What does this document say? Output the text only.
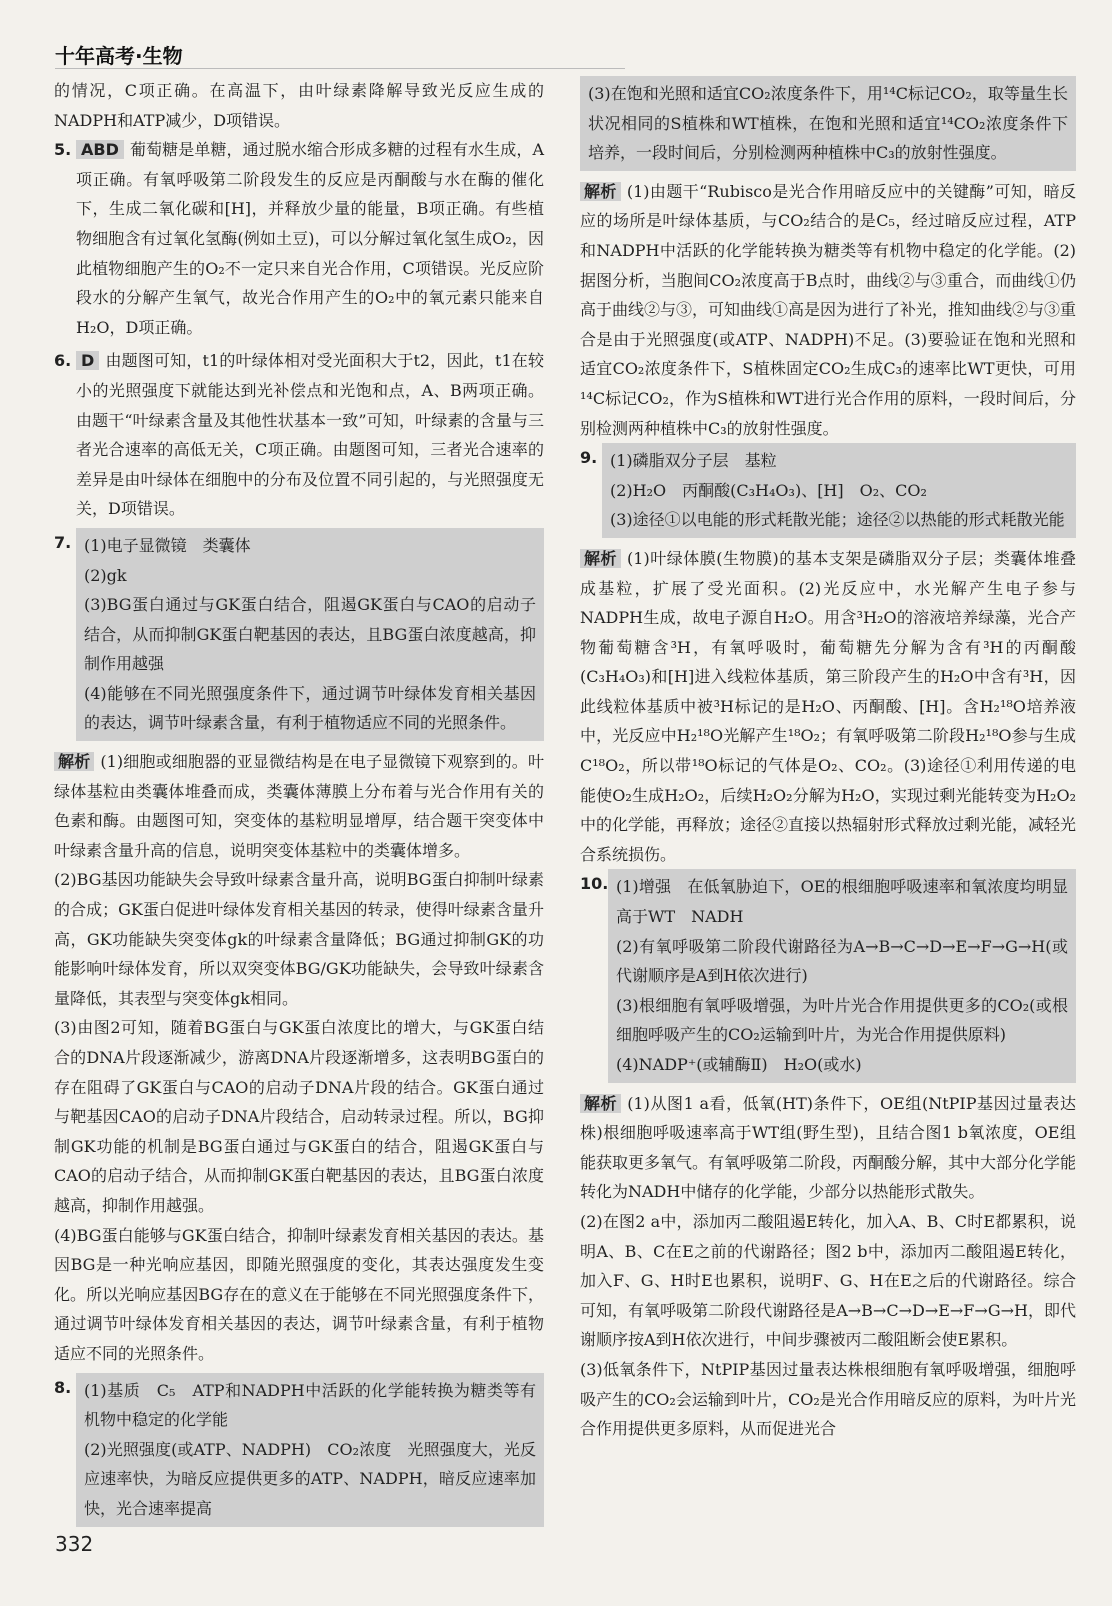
十年高考·生物

的情况，C项正确。在高温下，由叶绿素降解导致光反应生成的NADPH和ATP减少，D项错误。

5. ABD 葡萄糖是单糖，通过脱水缩合形成多糖的过程有水生成，A项正确。有氧呼吸第二阶段发生的反应是丙酮酸与水在酶的催化下，生成二氧化碳和[H]，并释放少量的能量，B项正确。有些植物细胞含有过氧化氢酶(例如土豆)，可以分解过氧化氢生成O₂，因此植物细胞产生的O₂不一定只来自光合作用，C项错误。光反应阶段水的分解产生氧气，故光合作用产生的O₂中的氧元素只能来自H₂O，D项正确。
6. D 由题图可知，t1的叶绿体相对受光面积大于t2，因此，t1在较小的光照强度下就能达到光补偿点和光饱和点，A、B两项正确。由题干“叶绿素含量及其他性状基本一致”可知，叶绿素的含量与三者光合速率的高低无关，C项正确。由题图可知，三者光合速率的差异是由叶绿体在细胞中的分布及位置不同引起的，与光照强度无关，D项错误。
7. (1)电子显微镜　类囊体

(2)gk

(3)BG蛋白通过与GK蛋白结合，阻遏GK蛋白与CAO的启动子结合，从而抑制GK蛋白靶基因的表达，且BG蛋白浓度越高，抑制作用越强

(4)能够在不同光照强度条件下，通过调节叶绿体发育相关基因的表达，调节叶绿素含量，有利于植物适应不同的光照条件。

解析 (1)细胞或细胞器的亚显微结构是在电子显微镜下观察到的。叶绿体基粒由类囊体堆叠而成，类囊体薄膜上分布着与光合作用有关的色素和酶。由题图可知，突变体的基粒明显增厚，结合题干突变体中叶绿素含量升高的信息，说明突变体基粒中的类囊体增多。

(2)BG基因功能缺失会导致叶绿素含量升高，说明BG蛋白抑制叶绿素的合成；GK蛋白促进叶绿体发育相关基因的转录，使得叶绿素含量升高，GK功能缺失突变体gk的叶绿素含量降低；BG通过抑制GK的功能影响叶绿体发育，所以双突变体BG/GK功能缺失，会导致叶绿素含量降低，其表型与突变体gk相同。

(3)由图2可知，随着BG蛋白与GK蛋白浓度比的增大，与GK蛋白结合的DNA片段逐渐减少，游离DNA片段逐渐增多，这表明BG蛋白的存在阻碍了GK蛋白与CAO的启动子DNA片段的结合。GK蛋白通过与靶基因CAO的启动子DNA片段结合，启动转录过程。所以，BG抑制GK功能的机制是BG蛋白通过与GK蛋白的结合，阻遏GK蛋白与CAO的启动子结合，从而抑制GK蛋白靶基因的表达，且BG蛋白浓度越高，抑制作用越强。

(4)BG蛋白能够与GK蛋白结合，抑制叶绿素发育相关基因的表达。基因BG是一种光响应基因，即随光照强度的变化，其表达强度发生变化。所以光响应基因BG存在的意义在于能够在不同光照强度条件下，通过调节叶绿体发育相关基因的表达，调节叶绿素含量，有利于植物适应不同的光照条件。

8. (1)基质　C₅　ATP和NADPH中活跃的化学能转换为糖类等有机物中稳定的化学能

(2)光照强度(或ATP、NADPH)　CO₂浓度　光照强度大，光反应速率快，为暗反应提供更多的ATP、NADPH，暗反应速率加快，光合速率提高

(3)在饱和光照和适宜CO₂浓度条件下，用¹⁴C标记CO₂，取等量生长状况相同的S植株和WT植株，在饱和光照和适宜¹⁴CO₂浓度条件下培养，一段时间后，分别检测两种植株中C₃的放射性强度。

解析 (1)由题干“Rubisco是光合作用暗反应中的关键酶”可知，暗反应的场所是叶绿体基质，与CO₂结合的是C₅，经过暗反应过程，ATP和NADPH中活跃的化学能转换为糖类等有机物中稳定的化学能。(2)据图分析，当胞间CO₂浓度高于B点时，曲线②与③重合，而曲线①仍高于曲线②与③，可知曲线①高是因为进行了补光，推知曲线②与③重合是由于光照强度(或ATP、NADPH)不足。(3)要验证在饱和光照和适宜CO₂浓度条件下，S植株固定CO₂生成C₃的速率比WT更快，可用¹⁴C标记CO₂，作为S植株和WT进行光合作用的原料，一段时间后，分别检测两种植株中C₃的放射性强度。

9. (1)磷脂双分子层　基粒

(2)H₂O　丙酮酸(C₃H₄O₃)、[H]　O₂、CO₂

(3)途径①以电能的形式耗散光能；途径②以热能的形式耗散光能

解析 (1)叶绿体膜(生物膜)的基本支架是磷脂双分子层；类囊体堆叠成基粒，扩展了受光面积。(2)光反应中，水光解产生电子参与NADPH生成，故电子源自H₂O。用含³H₂O的溶液培养绿藻，光合产物葡萄糖含³H，有氧呼吸时，葡萄糖先分解为含有³H的丙酮酸(C₃H₄O₃)和[H]进入线粒体基质，第三阶段产生的H₂O中含有³H，因此线粒体基质中被³H标记的是H₂O、丙酮酸、[H]。含H₂¹⁸O培养液中，光反应中H₂¹⁸O光解产生¹⁸O₂；有氧呼吸第二阶段H₂¹⁸O参与生成C¹⁸O₂，所以带¹⁸O标记的气体是O₂、CO₂。(3)途径①利用传递的电能使O₂生成H₂O₂，后续H₂O₂分解为H₂O，实现过剩光能转变为H₂O₂中的化学能，再释放；途径②直接以热辐射形式释放过剩光能，减轻光合系统损伤。

10. (1)增强　在低氧胁迫下，OE的根细胞呼吸速率和氧浓度均明显高于WT　NADH

(2)有氧呼吸第二阶段代谢路径为A→B→C→D→E→F→G→H(或代谢顺序是A到H依次进行)

(3)根细胞有氧呼吸增强，为叶片光合作用提供更多的CO₂(或根细胞呼吸产生的CO₂运输到叶片，为光合作用提供原料)

(4)NADP⁺(或辅酶Ⅱ)　H₂O(或水)

解析 (1)从图1 a看，低氧(HT)条件下，OE组(NtPIP基因过量表达株)根细胞呼吸速率高于WT组(野生型)，且结合图1 b氧浓度，OE组能获取更多氧气。有氧呼吸第二阶段，丙酮酸分解，其中大部分化学能转化为NADH中储存的化学能，少部分以热能形式散失。

(2)在图2 a中，添加丙二酸阻遏E转化，加入A、B、C时E都累积，说明A、B、C在E之前的代谢路径；图2 b中，添加丙二酸阻遏E转化，加入F、G、H时E也累积，说明F、G、H在E之后的代谢路径。综合可知，有氧呼吸第二阶段代谢路径是A→B→C→D→E→F→G→H，即代谢顺序按A到H依次进行，中间步骤被丙二酸阻断会使E累积。

(3)低氧条件下，NtPIP基因过量表达株根细胞有氧呼吸增强，细胞呼吸产生的CO₂会运输到叶片，CO₂是光合作用暗反应的原料，为叶片光合作用提供更多原料，从而促进光合

332
